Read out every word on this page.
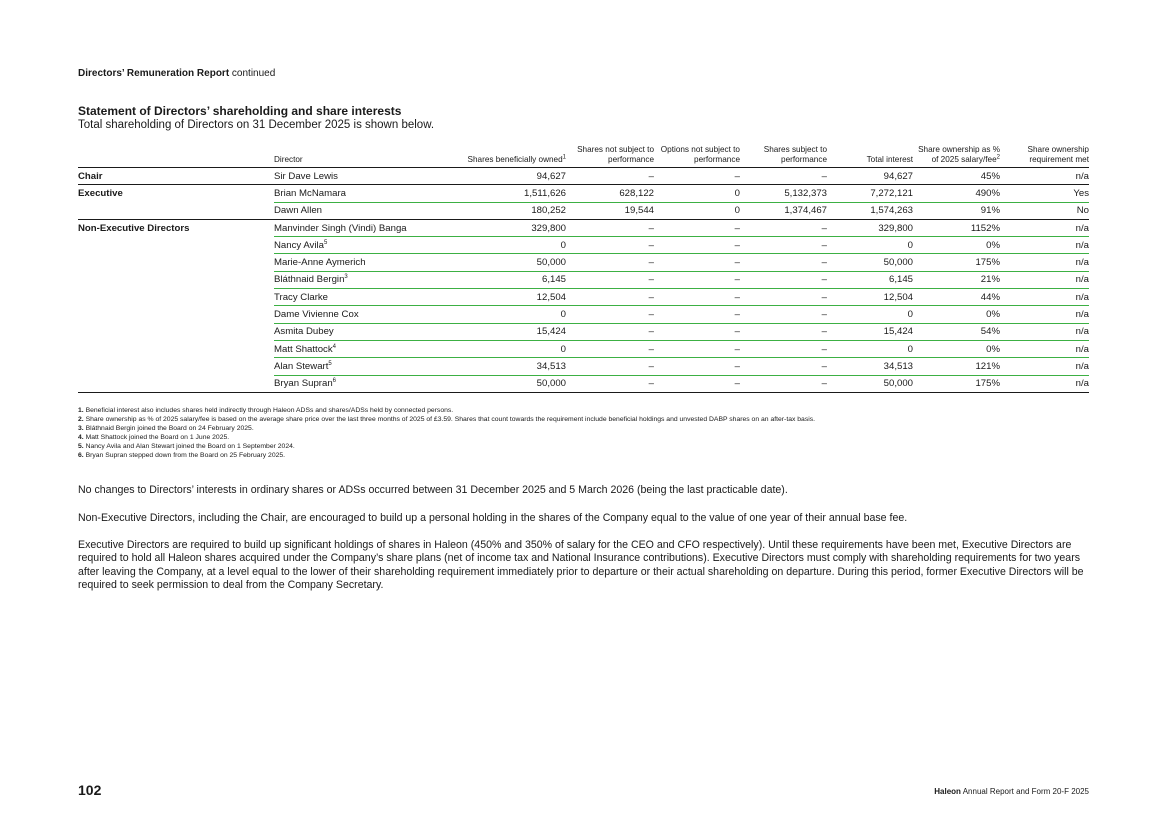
Directors’ Remuneration Report continued
Statement of Directors’ shareholding and share interests
Total shareholding of Directors on 31 December 2025 is shown below.
	Director	Shares beneficially owned$^1$	Shares not subject to performance	Options not subject to performance	Shares subject to performance	Total interest	Share ownership as % of 2025 salary/fee$^2$	Share ownership requirement met
Chair	Sir Dave Lewis	94,627	–	–	–	94,627	45%	n/a
Executive	Brian McNamara	1,511,626	628,122	0	5,132,373	7,272,121	490%	Yes
	Dawn Allen	180,252	19,544	0	1,374,467	1,574,263	91%	No
Non-Executive Directors	Manvinder Singh (Vindi) Banga	329,800	–	–	–	329,800	1152%	n/a
	Nancy Avila$^5$	0	–	–	–	0	0%	n/a
	Marie-Anne Aymerich	50,000	–	–	–	50,000	175%	n/a
	Bláthnaid Bergin$^3$	6,145	–	–	–	6,145	21%	n/a
	Tracy Clarke	12,504	–	–	–	12,504	44%	n/a
	Dame Vivienne Cox	0	–	–	–	0	0%	n/a
	Asmita Dubey	15,424	–	–	–	15,424	54%	n/a
	Matt Shattock$^4$	0	–	–	–	0	0%	n/a
	Alan Stewart$^5$	34,513	–	–	–	34,513	121%	n/a
	Bryan Supran$^6$	50,000	–	–	–	50,000	175%	n/a
1. Beneficial interest also includes shares held indirectly through Haleon ADSs and shares/ADSs held by connected persons.
2. Share ownership as % of 2025 salary/fee is based on the average share price over the last three months of 2025 of £3.59. Shares that count towards the requirement include beneficial holdings and unvested DABP shares on an after-tax basis.
3. Bláthnaid Bergin joined the Board on 24 February 2025.
4. Matt Shattock joined the Board on 1 June 2025.
5. Nancy Avila and Alan Stewart joined the Board on 1 September 2024.
6. Bryan Supran stepped down from the Board on 25 February 2025.

No changes to Directors’ interests in ordinary shares or ADSs occurred between 31 December 2025 and 5 March 2026 (being the last practicable date).

Non-Executive Directors, including the Chair, are encouraged to build up a personal holding in the shares of the Company equal to the value of one year of their annual base fee.

Executive Directors are required to build up significant holdings of shares in Haleon (450% and 350% of salary for the CEO and CFO respectively). Until these requirements have been met, Executive Directors are required to hold all Haleon shares acquired under the Company’s share plans (net of income tax and National Insurance contributions). Executive Directors must comply with shareholding requirements for two years after leaving the Company, at a level equal to the lower of their shareholding requirement immediately prior to departure or their actual shareholding on departure. During this period, former Executive Directors will be required to seek permission to deal from the Company Secretary.

102	Haleon Annual Report and Form 20-F 2025
